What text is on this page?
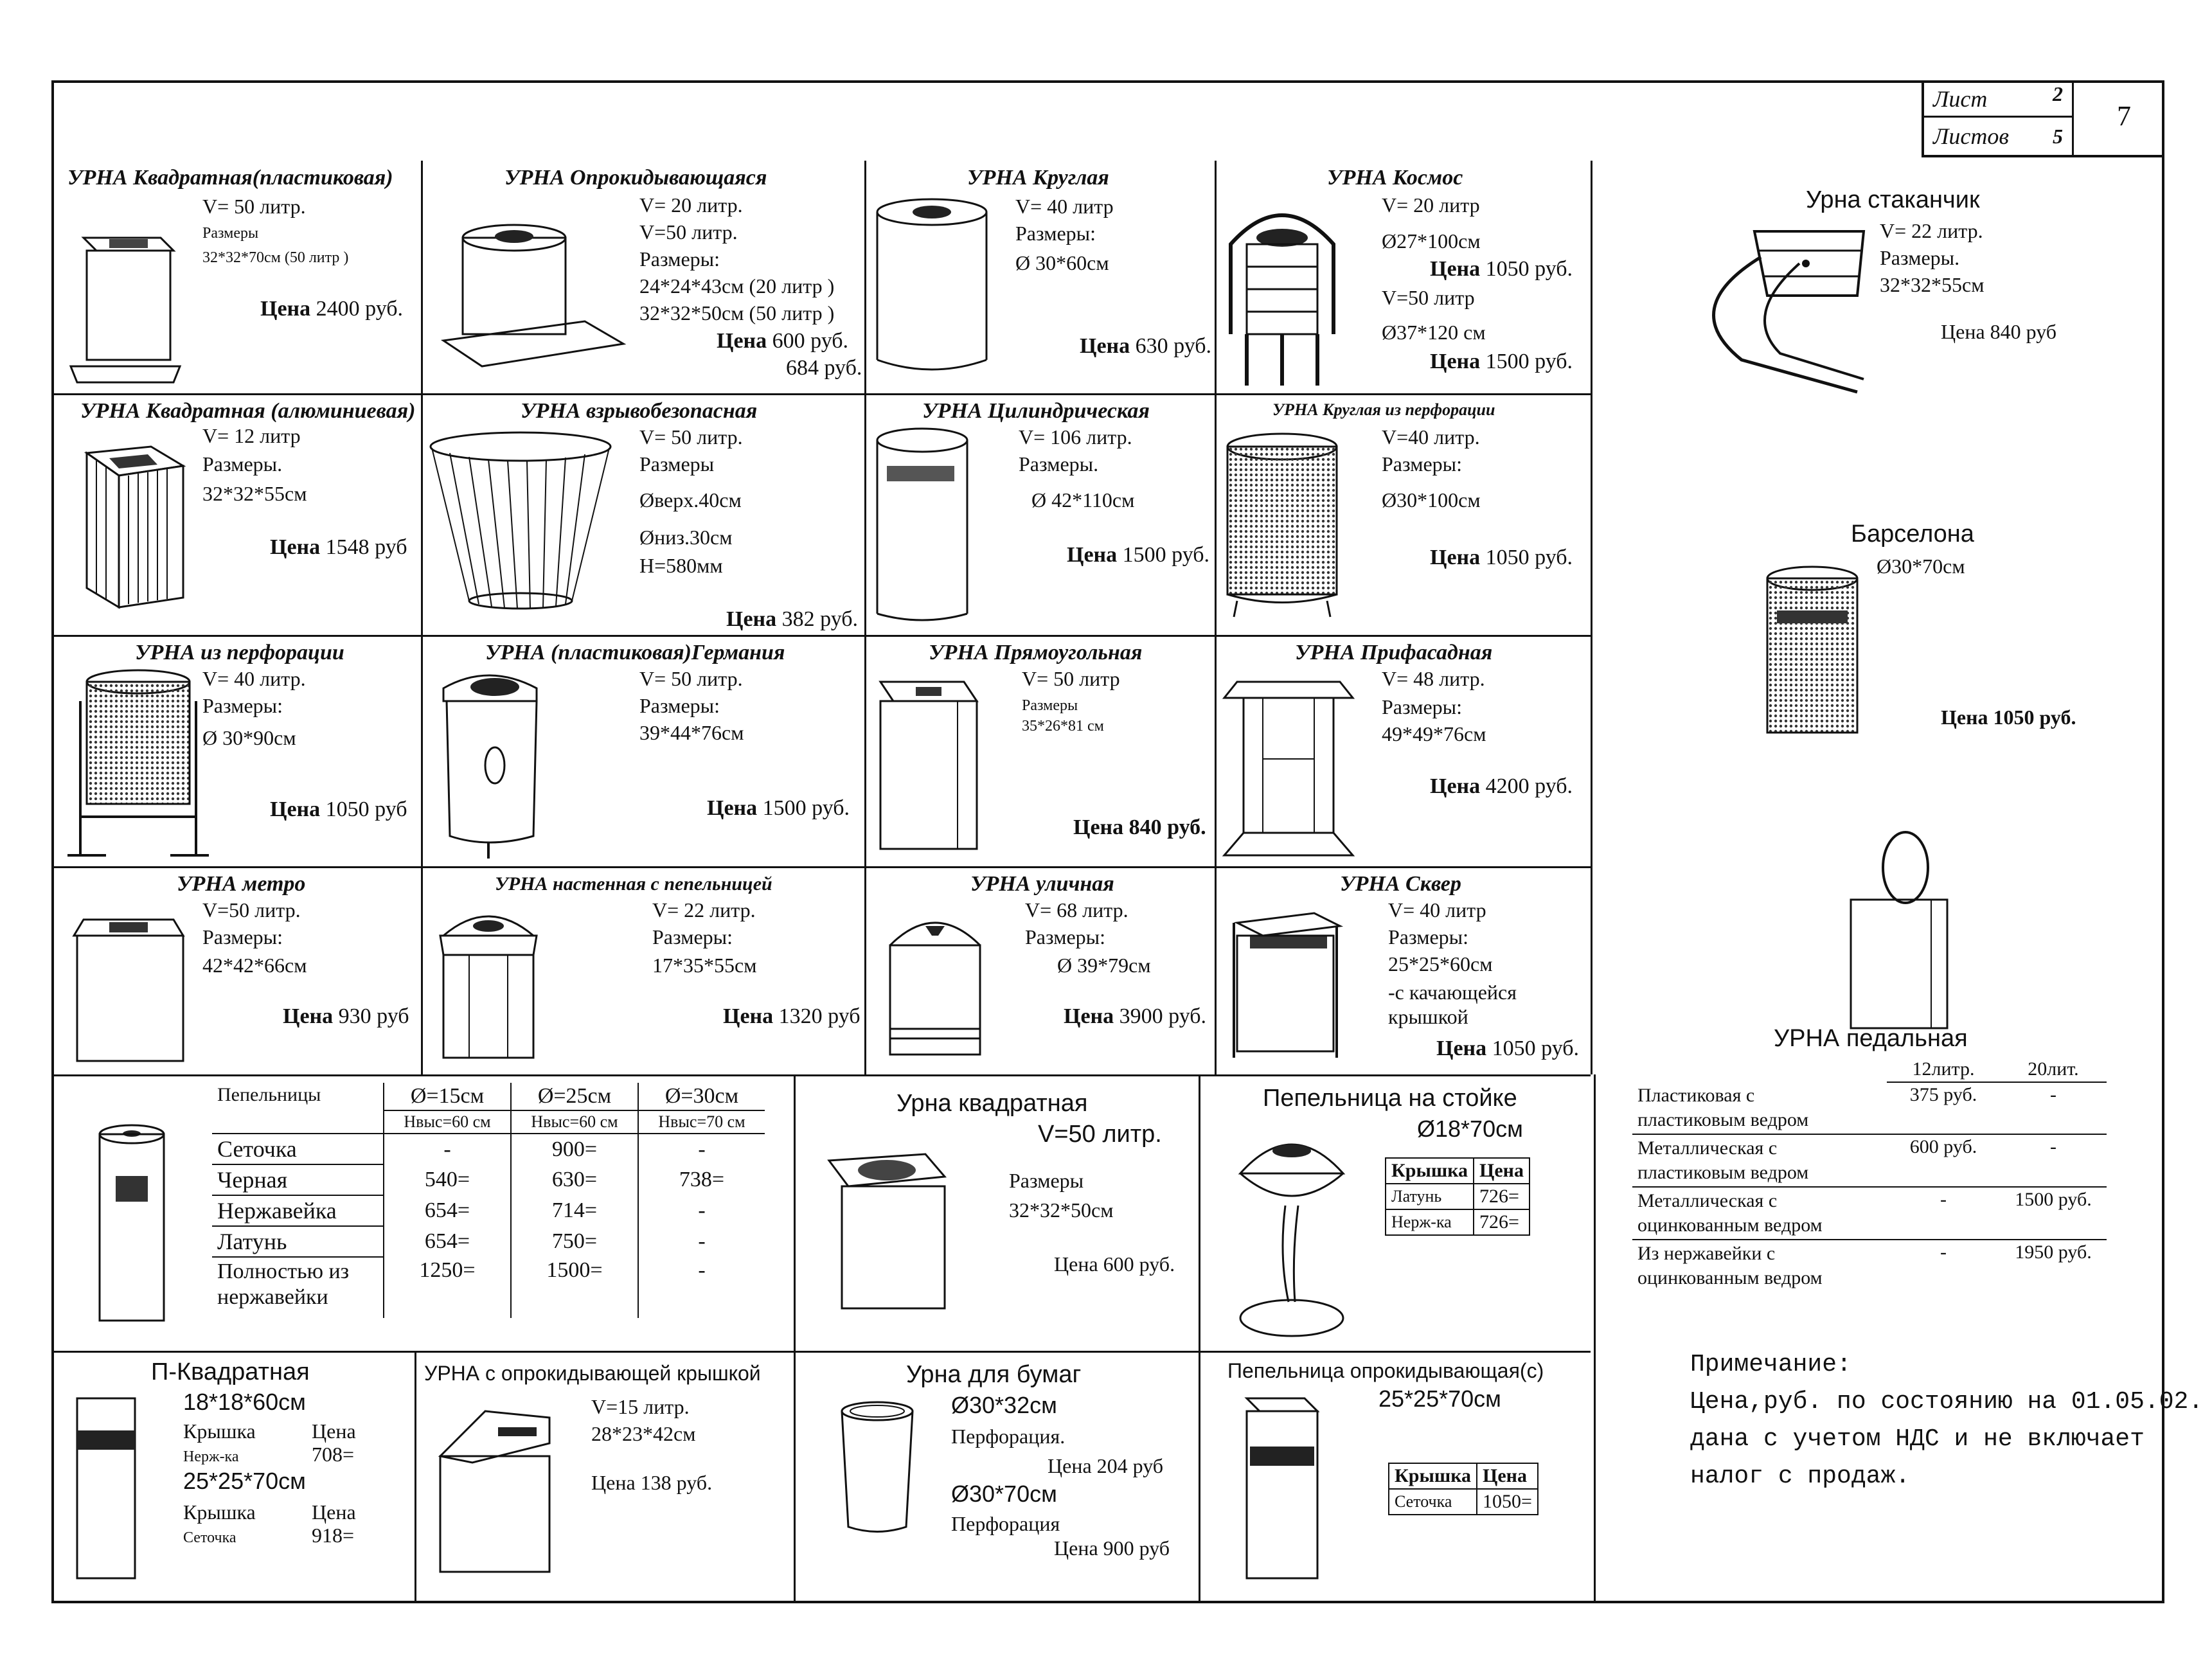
Лист	2
Листов 5
7
УРНА Квадратная(пластиковая)
V= 50 литр.
Размеры
32*32*70см (50 литр )
Цена 2400 руб.
УРНА Опрокидывающаяся
V= 20 литр.
V=50 литр.
Размеры:
24*24*43см (20 литр )
32*32*50см (50 литр )
Цена 600 руб.
684 руб.
УРНА Круглая
V= 40 литр
Размеры:
Ø 30*60см
Цена 630 руб.
УРНА Космос
V= 20 литр
Ø27*100см
Цена 1050 руб.
V=50 литр
Ø37*120 см
Цена 1500 руб.
УРНА Квадратная (алюминиевая)
V= 12 литр
Размеры.
32*32*55см
Цена 1548 руб
УРНА взрывобезопасная
V= 50 литр.
Размеры
Øверх.40см
Øниз.30см
H=580мм
Цена 382 руб.
УРНА Цилиндрическая
V= 106 литр.
Размеры.
Ø 42*110см
Цена 1500 руб.
УРНА Круглая из перфорации
V=40 литр.
Размеры:
Ø30*100см
Цена 1050 руб.
УРНА из перфорации
V= 40 литр.
Размеры:
Ø 30*90см
Цена 1050 руб
УРНА (пластиковая)Германия
V= 50 литр.
Размеры:
39*44*76см
Цена 1500 руб.
УРНА Прямоугольная
V= 50 литр
Размеры
35*26*81 см
Цена 840 руб.
УРНА Прифасадная
V= 48 литр.
Размеры:
49*49*76см
Цена 4200 руб.
УРНА метро
V=50 литр.
Размеры:
42*42*66см
Цена 930 руб
УРНА настенная с пепельницей
V= 22 литр.
Размеры:
17*35*55см
Цена 1320 руб
УРНА уличная
V= 68 литр.
Размеры:
Ø 39*79см
Цена 3900 руб.
УРНА Сквер
V= 40 литр
Размеры:
25*25*60см
-с качающейся
крышкой
Цена 1050 руб.
Урна стаканчик
V= 22 литр.
Размеры.
32*32*55см
Цена 840 руб
Барселона
Ø30*70см
Цена 1050 руб.
УРНА педальная
	12литр.	20лит.
Пластиковая с
пластиковым ведром	375 руб.	-
Металлическая с
пластиковым ведром	600 руб.	-
Металлическая с
оцинкованным ведром	-	1500 руб.
Из нержавейки с
оцинкованным ведром	-	1950 руб.
Пепельницы	Ø=15см	Ø=25см	Ø=30см
	Hвыс=60 см	Hвыс=60 см	Hвыс=70 см
Сеточка	-	900=	-
Черная	540=	630=	738=
Нержавейка	654=	714=	-
Латунь	654=	750=	-
Полностью из нержавейки	1250=	1500=	-
Урна квадратная
V=50 литр.
Размеры
32*32*50см
Цена 600 руб.
Пепельница на стойке
Ø18*70см
Крышка	Цена
Латунь	726=
Нерж-ка	726=
П-Квадратная
18*18*60см
Крышка	Цена
Нерж-ка	708=
25*25*70см
Крышка	Цена
Сеточка	918=
УРНА с опрокидывающей крышкой
V=15 литр.
28*23*42см
Цена 138 руб.
Урна для бумаг
Ø30*32см
Перфорация.
Цена 204 руб
Ø30*70см
Перфорация
Цена 900 руб
Пепельница опрокидывающая(с)
25*25*70см
Крышка	Цена
Сеточка	1050=
Примечание:
Цена,руб. по состоянию на 01.05.02.
дана с учетом НДС и не включает
налог с продаж.
